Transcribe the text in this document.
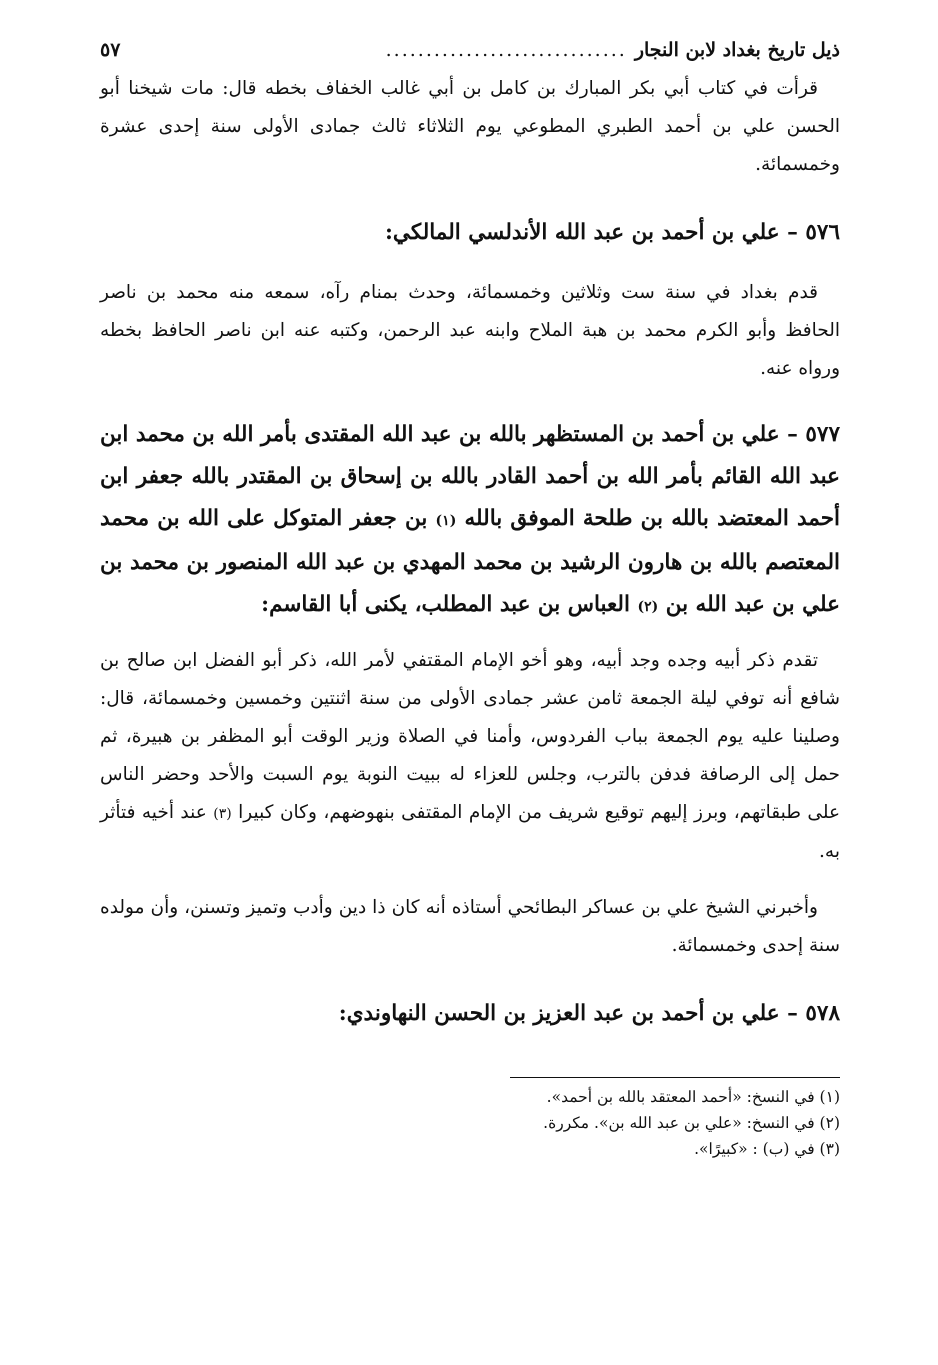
ذيل تاريخ بغداد لابن النجار
..............................
٥٧

قرأت في كتاب أبي بكر المبارك بن كامل بن أبي غالب الخفاف بخطه قال: مات شيخنا أبو الحسن علي بن أحمد الطبري المطوعي يوم الثلاثاء ثالث جمادى الأولى سنة إحدى عشرة وخمسمائة.

٥٧٦ – علي بن أحمد بن عبد الله الأندلسي المالكي:

قدم بغداد في سنة ست وثلاثين وخمسمائة، وحدث بمنام رآه، سمعه منه محمد بن ناصر الحافظ وأبو الكرم محمد بن هبة الملاح وابنه عبد الرحمن، وكتبه عنه ابن ناصر الحافظ بخطه ورواه عنه.

٥٧٧ – علي بن أحمد بن المستظهر بالله بن عبد الله المقتدى بأمر الله بن محمد ابن عبد الله القائم بأمر الله بن أحمد القادر بالله بن إسحاق بن المقتدر بالله جعفر ابن أحمد المعتضد بالله بن طلحة الموفق بالله (١) بن جعفر المتوكل على الله بن محمد المعتصم بالله بن هارون الرشيد بن محمد المهدي بن عبد الله المنصور بن محمد بن علي بن عبد الله بن (٢) العباس بن عبد المطلب، يكنى أبا القاسم:

تقدم ذكر أبيه وجده وجد أبيه، وهو أخو الإمام المقتفي لأمر الله، ذكر أبو الفضل ابن صالح بن شافع أنه توفي ليلة الجمعة ثامن عشر جمادى الأولى من سنة اثنتين وخمسين وخمسمائة، قال: وصلينا عليه يوم الجمعة بباب الفردوس، وأمنا في الصلاة وزير الوقت أبو المظفر بن هبيرة، ثم حمل إلى الرصافة فدفن بالترب، وجلس للعزاء له ببيت النوبة يوم السبت والأحد وحضر الناس على طبقاتهم، وبرز إليهم توقيع شريف من الإمام المقتفى بنهوضهم، وكان كبيرا (٣) عند أخيه فتأثر به.

وأخبرني الشيخ علي بن عساكر البطائحي أستاذه أنه كان ذا دين وأدب وتميز وتسنن، وأن مولده سنة إحدى وخمسمائة.

٥٧٨ – علي بن أحمد بن عبد العزيز بن الحسن النهاوندي:
(١) في النسخ: «أحمد المعتقد بالله بن أحمد».
(٢) في النسخ: «علي بن عبد الله بن». مكررة.
(٣) في (ب) : «كبيرًا».
